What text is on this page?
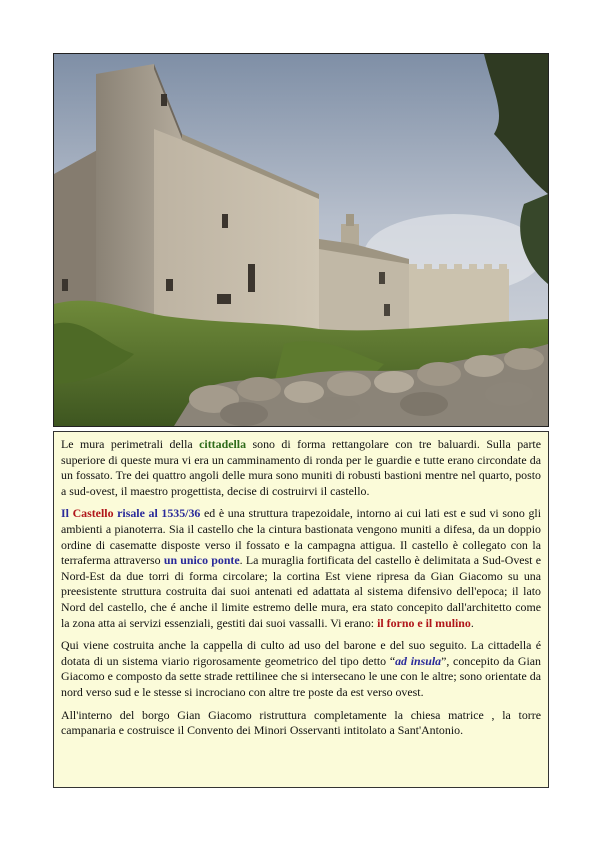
Le mura perimetrali della cittadella sono di forma rettangolare con tre baluardi. Sulla parte superiore di queste mura vi era un camminamento di ronda per le guardie e tutte erano circondate da un fossato. Tre dei quattro angoli delle mura sono muniti di robusti bastioni mentre nel quarto, posto a sud-ovest, il maestro progettista, decise di costruirvi il castello.

Il Castello risale al 1535/36 ed è una struttura trapezoidale, intorno ai cui lati est e sud vi sono gli ambienti a pianoterra. Sia il castello che la cintura bastionata vengono muniti a difesa, da un doppio ordine di casematte disposte verso il fossato e la campagna attigua. Il castello è collegato con la terraferma attraverso un unico ponte. La muraglia fortificata del castello è delimitata a Sud-Ovest e Nord-Est da due torri di forma circolare; la cortina Est viene ripresa da Gian Giacomo su una preesistente struttura costruita dai suoi antenati ed adattata al sistema difensivo dell'epoca; il lato Nord del castello, che é anche il limite estremo delle mura, era stato concepito dall'architetto come la zona atta ai servizi essenziali, gestiti dai suoi vassalli. Vi erano: il forno e il mulino.

Qui viene costruita anche la cappella di culto ad uso del barone e del suo seguito. La cittadella é dotata di un sistema viario rigorosamente geometrico del tipo detto “ad insula”, concepito da Gian Giacomo e composto da sette strade rettilinee che si intersecano le une con le altre; sono orientate da nord verso sud e le stesse si incrociano con altre tre poste da est verso ovest.

All'interno del borgo Gian Giacomo ristruttura completamente la chiesa matrice , la torre campanaria e costruisce il Convento dei Minori Osservanti intitolato a Sant'Antonio.
